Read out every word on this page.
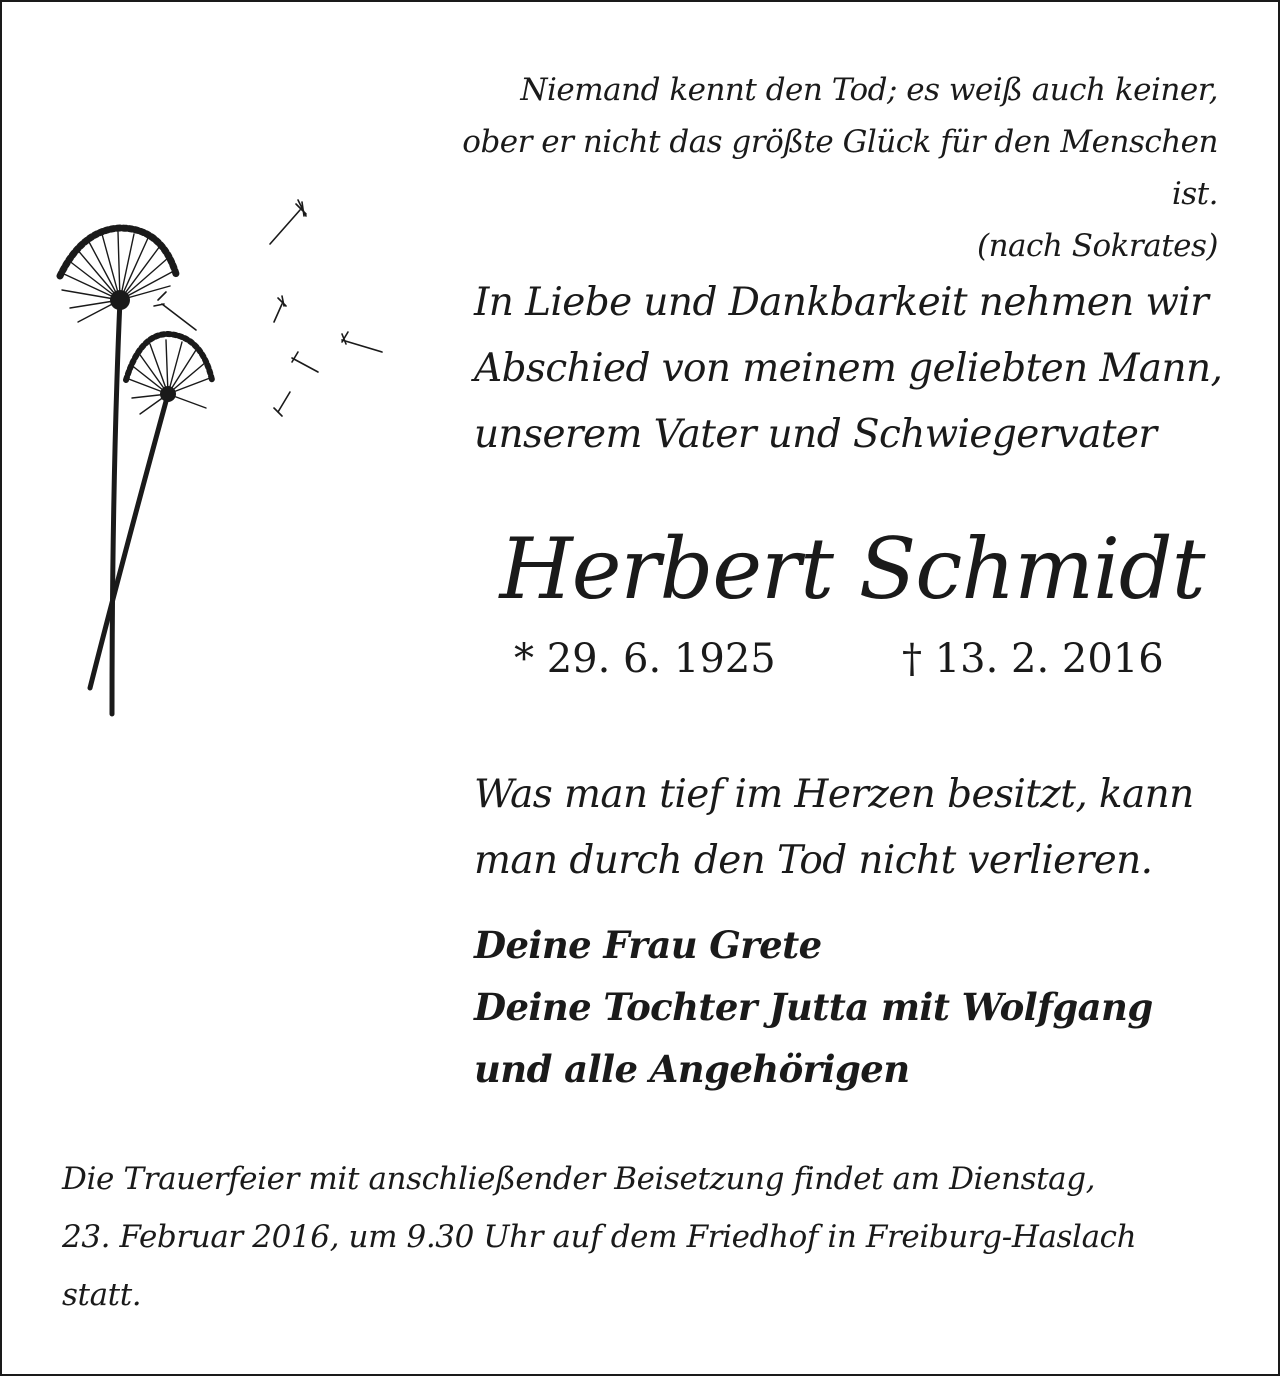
Niemand kennt den Tod; es weiß auch keiner,
ober er nicht das größte Glück für den Menschen ist.
(nach Sokrates)

In Liebe und Dankbarkeit nehmen wir
Abschied von meinem geliebten Mann,
unserem Vater und Schwiegervater

Herbert Schmidt
* 29. 6. 1925	† 13. 2. 2016

Was man tief im Herzen besitzt, kann
man durch den Tod nicht verlieren.

Deine Frau Grete
Deine Tochter Jutta mit Wolfgang
und alle Angehörigen

Die Trauerfeier mit anschließender Beisetzung findet am Dienstag,
23. Februar 2016, um 9.30 Uhr auf dem Friedhof in Freiburg-Haslach
statt.
